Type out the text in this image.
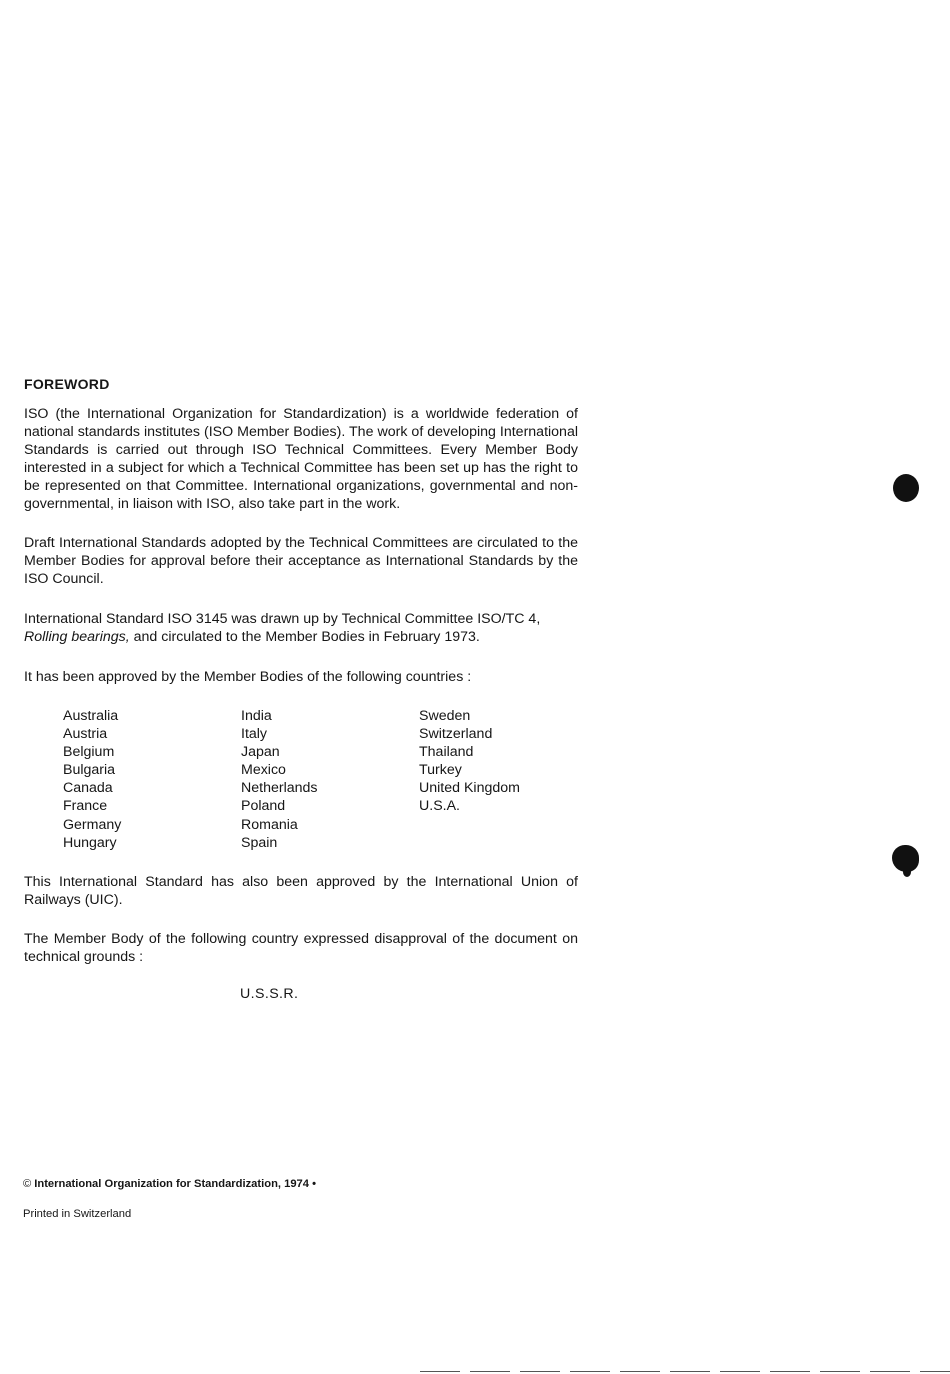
FOREWORD
ISO (the International Organization for Standardization) is a worldwide federation of national standards institutes (ISO Member Bodies). The work of developing International Standards is carried out through ISO Technical Committees. Every Member Body interested in a subject for which a Technical Committee has been set up has the right to be represented on that Committee. International organizations, governmental and non-governmental, in liaison with ISO, also take part in the work.
Draft International Standards adopted by the Technical Committees are circulated to the Member Bodies for approval before their acceptance as International Standards by the ISO Council.
International Standard ISO 3145 was drawn up by Technical Committee ISO/TC 4,
Rolling bearings, and circulated to the Member Bodies in February 1973.
It has been approved by the Member Bodies of the following countries :
Australia
Austria
Belgium
Bulgaria
Canada
France
Germany
Hungary
India
Italy
Japan
Mexico
Netherlands
Poland
Romania
Spain
Sweden
Switzerland
Thailand
Turkey
United Kingdom
U.S.A.
This International Standard has also been approved by the International Union of Railways (UIC).
The Member Body of the following country expressed disapproval of the document on technical grounds :
U.S.S.R.
© International Organization for Standardization, 1974 •
Printed in Switzerland
